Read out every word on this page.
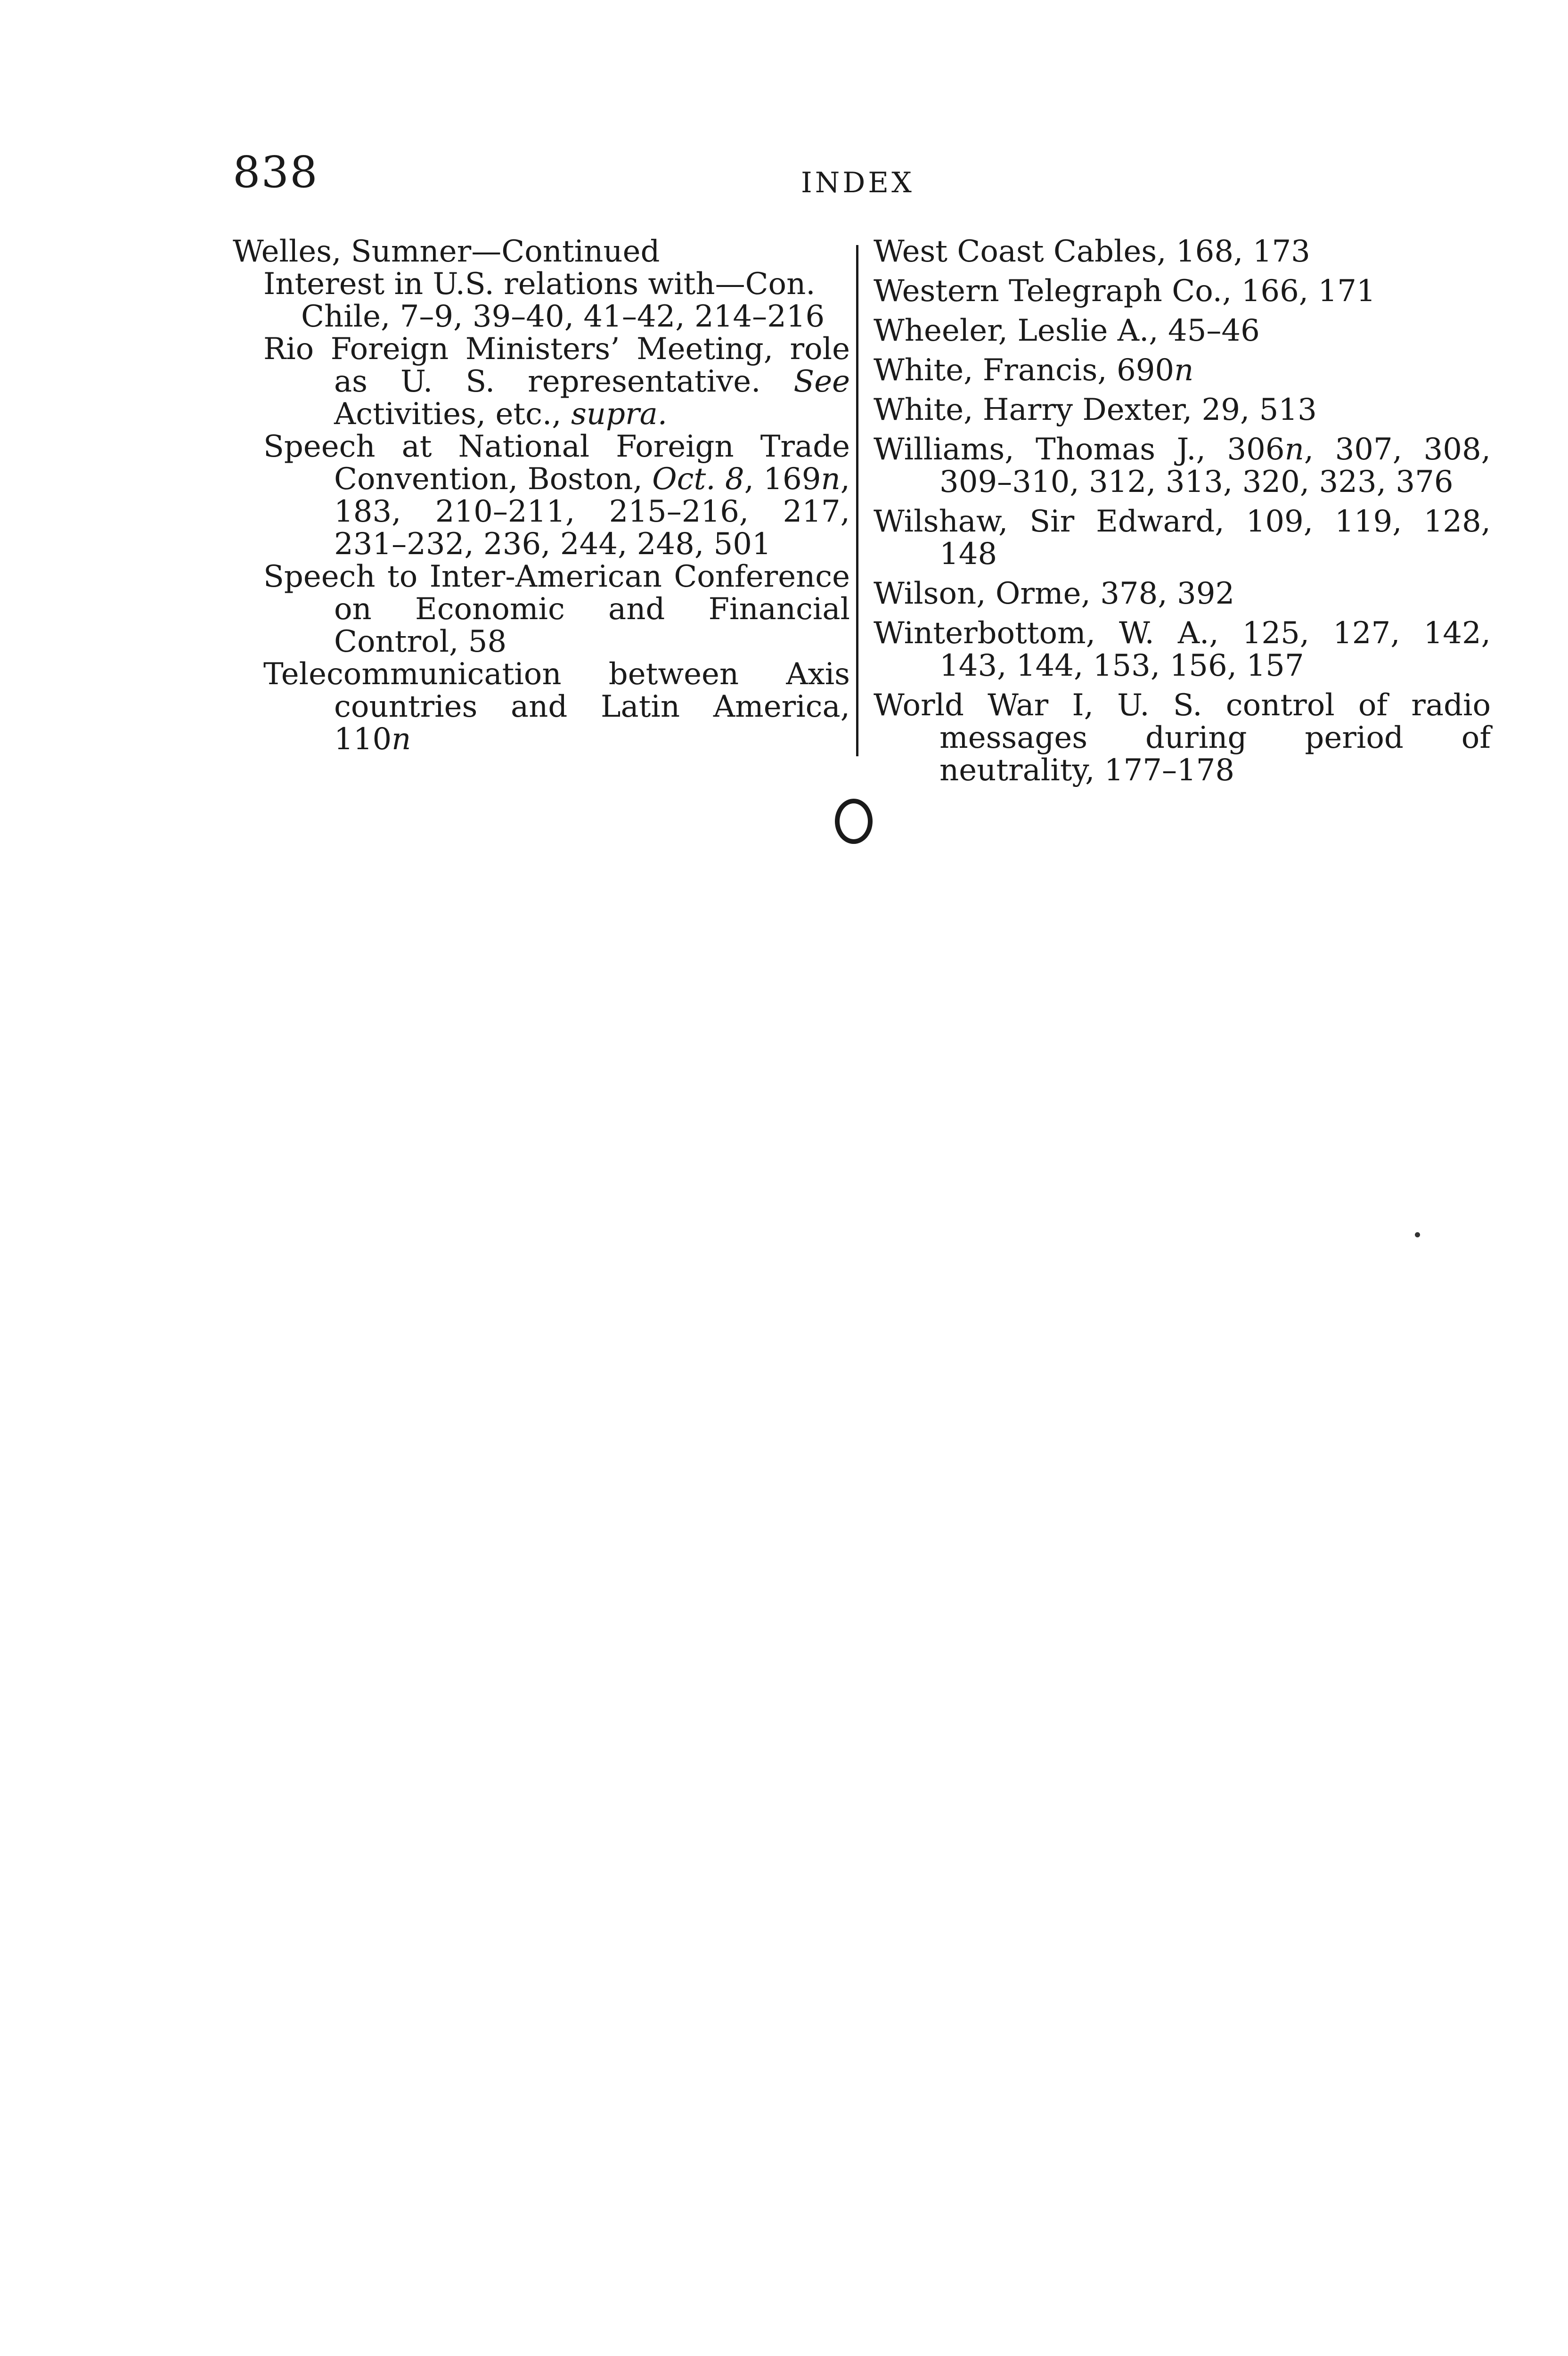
838	INDEX

Welles, Sumner—Continued

Interest in U.S. relations with—Con.

Chile, 7–9, 39–40, 41–42, 214–216

Rio Foreign Ministers’ Meeting, role as U. S. representative. See Activities, etc., supra.

Speech at National Foreign Trade Convention, Boston, Oct. 8, 169n, 183, 210–211, 215–216, 217, 231–232, 236, 244, 248, 501

Speech to Inter-American Conference on Economic and Financial Control, 58

Telecommunication between Axis countries and Latin America, 110n

West Coast Cables, 168, 173

Western Telegraph Co., 166, 171

Wheeler, Leslie A., 45–46

White, Francis, 690n

White, Harry Dexter, 29, 513

Williams, Thomas J., 306n, 307, 308, 309–310, 312, 313, 320, 323, 376

Wilshaw, Sir Edward, 109, 119, 128, 148

Wilson, Orme, 378, 392

Winterbottom, W. A., 125, 127, 142, 143, 144, 153, 156, 157

World War I, U. S. control of radio messages during period of neutrality, 177–178
